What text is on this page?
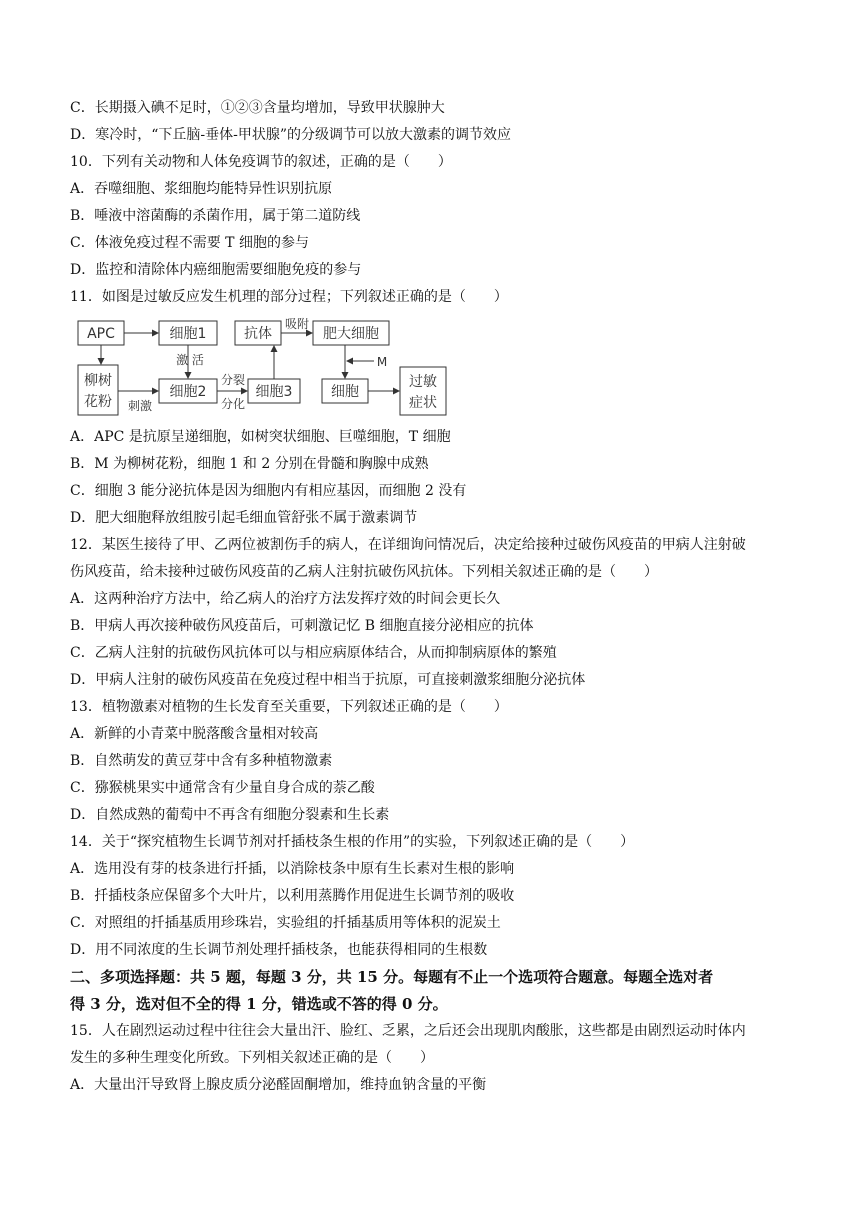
C．长期摄入碘不足时，①②③含量均增加，导致甲状腺肿大
D．寒冷时，“下丘脑-垂体-甲状腺”的分级调节可以放大激素的调节效应
10．下列有关动物和人体免疫调节的叙述，正确的是（　　）
A．吞噬细胞、浆细胞均能特异性识别抗原
B．唾液中溶菌酶的杀菌作用，属于第二道防线
C．体液免疫过程不需要 T 细胞的参与
D．监控和清除体内癌细胞需要细胞免疫的参与
11．如图是过敏反应发生机理的部分过程；下列叙述正确的是（　　）
APC	细胞1
柳树
花粉
细胞2
抗体
细胞3
肥大细胞
细胞
过敏
症状
激 活
刺激
分裂
分化
吸附
M
A．APC 是抗原呈递细胞，如树突状细胞、巨噬细胞，T 细胞
B．M 为柳树花粉，细胞 1 和 2 分别在骨髓和胸腺中成熟
C．细胞 3 能分泌抗体是因为细胞内有相应基因，而细胞 2 没有
D．肥大细胞释放组胺引起毛细血管舒张不属于激素调节
12．某医生接待了甲、乙两位被割伤手的病人，在详细询问情况后，决定给接种过破伤风疫苗的甲病人注射破
伤风疫苗，给未接种过破伤风疫苗的乙病人注射抗破伤风抗体。下列相关叙述正确的是（　　）
A．这两种治疗方法中，给乙病人的治疗方法发挥疗效的时间会更长久
B．甲病人再次接种破伤风疫苗后，可刺激记忆 B 细胞直接分泌相应的抗体
C．乙病人注射的抗破伤风抗体可以与相应病原体结合，从而抑制病原体的繁殖
D．甲病人注射的破伤风疫苗在免疫过程中相当于抗原，可直接刺激浆细胞分泌抗体
13．植物激素对植物的生长发育至关重要，下列叙述正确的是（　　）
A．新鲜的小青菜中脱落酸含量相对较高
B．自然萌发的黄豆芽中含有多种植物激素
C．猕猴桃果实中通常含有少量自身合成的萘乙酸
D．自然成熟的葡萄中不再含有细胞分裂素和生长素
14．关于“探究植物生长调节剂对扦插枝条生根的作用”的实验，下列叙述正确的是（　　）
A．选用没有芽的枝条进行扦插，以消除枝条中原有生长素对生根的影响
B．扦插枝条应保留多个大叶片，以利用蒸腾作用促进生长调节剂的吸收
C．对照组的扦插基质用珍珠岩，实验组的扦插基质用等体积的泥炭土
D．用不同浓度的生长调节剂处理扦插枝条，也能获得相同的生根数
二、多项选择题：共 5 题，每题 3 分，共 15 分。每题有不止一个选项符合题意。每题全选对者
得 3 分，选对但不全的得 1 分，错选或不答的得 0 分。
15．人在剧烈运动过程中往往会大量出汗、脸红、乏累，之后还会出现肌肉酸胀，这些都是由剧烈运动时体内
发生的多种生理变化所致。下列相关叙述正确的是（　　）
A．大量出汗导致肾上腺皮质分泌醛固酮增加，维持血钠含量的平衡
